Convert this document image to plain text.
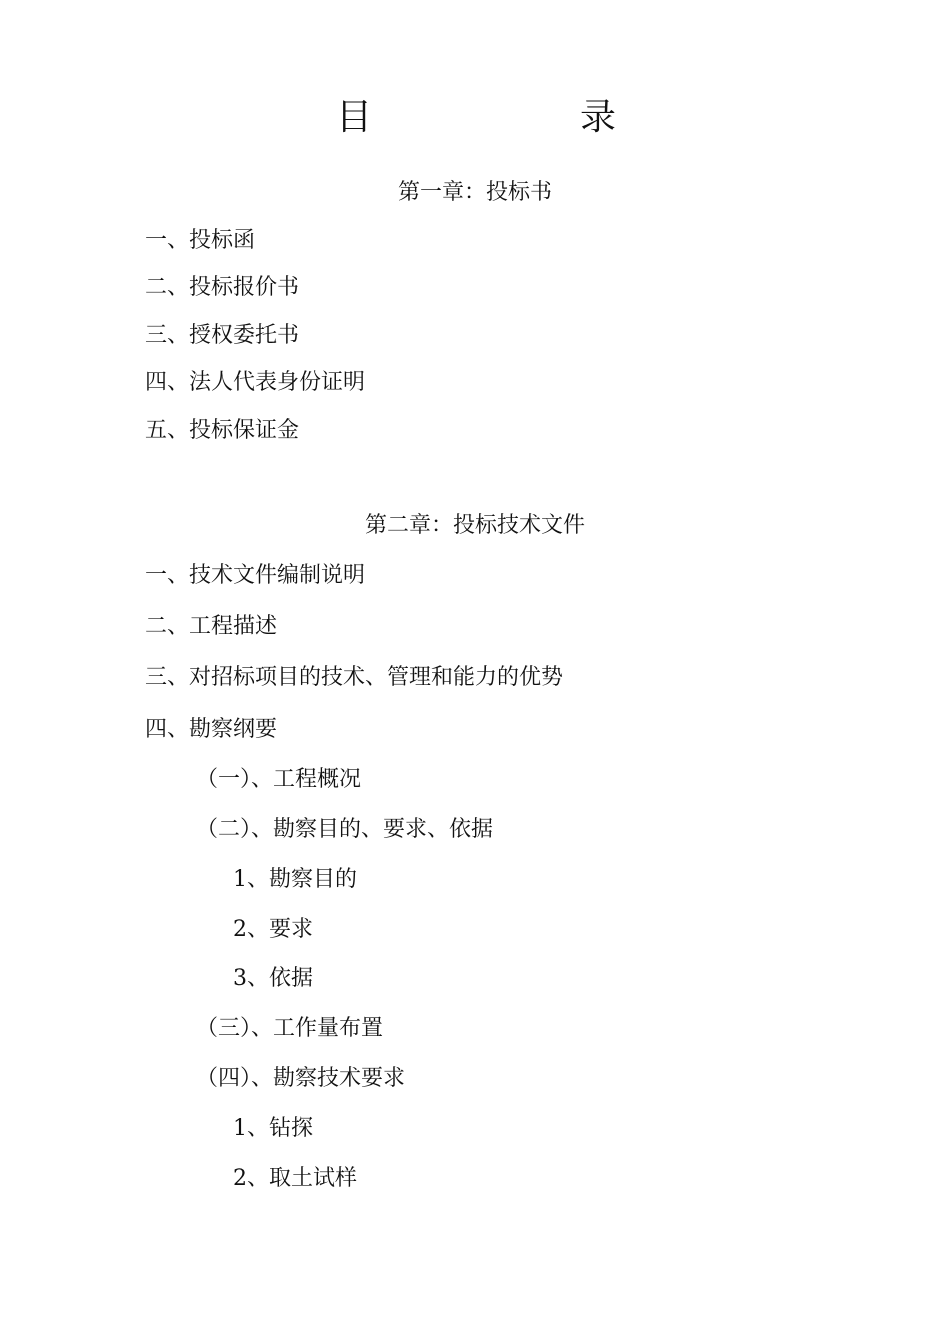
目	录
第一章：投标书
一、投标函
二、投标报价书
三、授权委托书
四、法人代表身份证明
五、投标保证金
第二章：投标技术文件
一、技术文件编制说明
二、工程描述
三、对招标项目的技术、管理和能力的优势
四、勘察纲要
（一）、工程概况
（二）、勘察目的、要求、依据
1、勘察目的
2、要求
3、依据
（三）、工作量布置
（四）、勘察技术要求
1、钻探
2、取土试样
